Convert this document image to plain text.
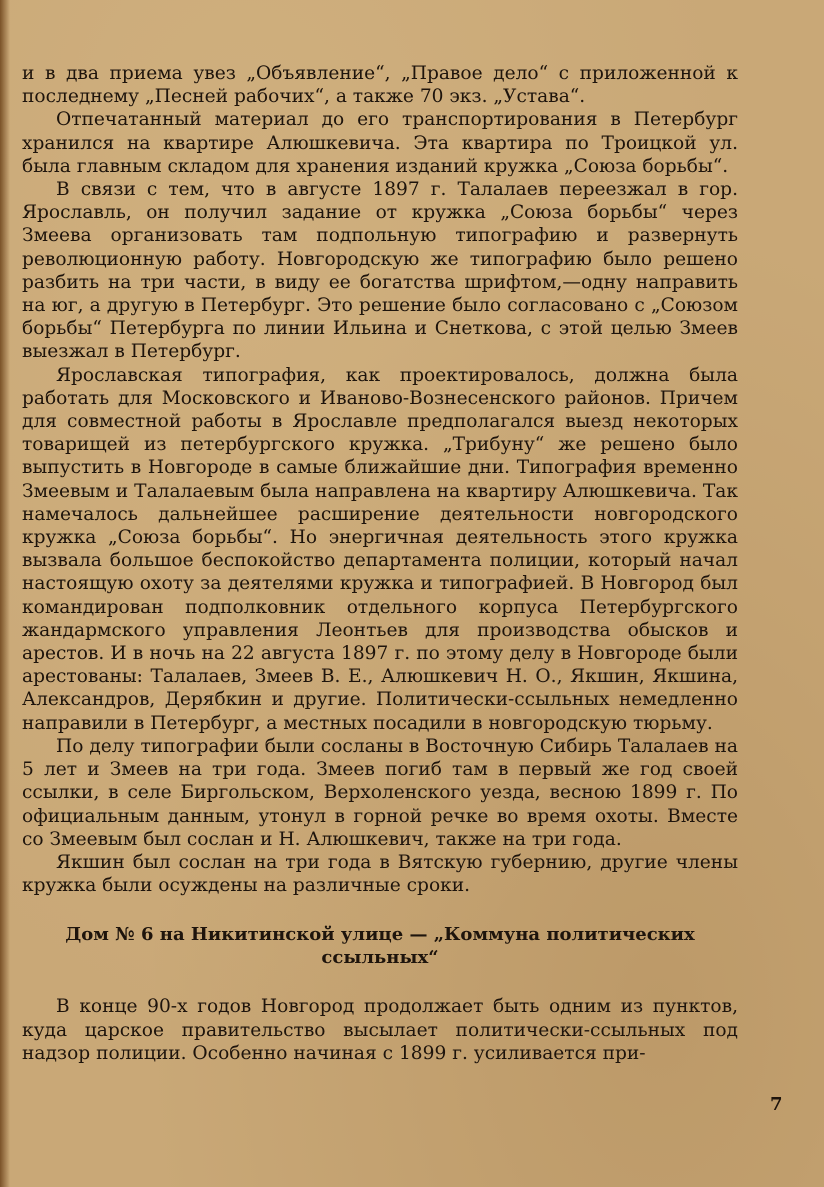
и в два приема увез „Объявление“, „Правое дело“ с приложенной к последнему „Песней рабочих“, а также 70 экз. „Устава“.

Отпечатанный материал до его транспортирования в Петербург хранился на квартире Алюшкевича. Эта квартира по Троицкой ул. была главным складом для хранения изданий кружка „Союза борьбы“.

В связи с тем, что в августе 1897 г. Талалаев переезжал в гор. Ярославль, он получил задание от кружка „Союза борьбы“ через Змеева организовать там подпольную типографию и развернуть революционную работу. Новгородскую же типографию было решено разбить на три части, в виду ее богатства шрифтом,—одну направить на юг, а другую в Петербург. Это решение было согласовано с „Союзом борьбы“ Петербурга по линии Ильина и Снеткова, с этой целью Змеев выезжал в Петербург.

Ярославская типография, как проектировалось, должна была работать для Московского и Иваново-Вознесенского районов. Причем для совместной работы в Ярославле предполагался выезд некоторых товарищей из петербургского кружка. „Трибуну“ же решено было выпустить в Новгороде в самые ближайшие дни. Типография временно Змеевым и Талалаевым была направлена на квартиру Алюшкевича. Так намечалось дальнейшее расширение деятельности новгородского кружка „Союза борьбы“. Но энергичная деятельность этого кружка вызвала большое беспокойство департамента полиции, который начал настоящую охоту за деятелями кружка и типографией. В Новгород был командирован подполковник отдельного корпуса Петербургского жандармского управления Леонтьев для производства обысков и арестов. И в ночь на 22 августа 1897 г. по этому делу в Новгороде были арестованы: Талалаев, Змеев В. Е., Алюшкевич Н. О., Якшин, Якшина, Александров, Дерябкин и другие. Политически-ссыльных немедленно направили в Петербург, а местных посадили в новгородскую тюрьму.

По делу типографии были сосланы в Восточную Сибирь Талалаев на 5 лет и Змеев на три года. Змеев погиб там в первый же год своей ссылки, в селе Биргольском, Верхоленского уезда, весною 1899 г. По официальным данным, утонул в горной речке во время охоты. Вместе со Змеевым был сослан и Н. Алюшкевич, также на три года.

Якшин был сослан на три года в Вятскую губернию, другие члены кружка были осуждены на различные сроки.

Дом № 6 на Никитинской улице — „Коммуна политических ссыльных“

В конце 90-х годов Новгород продолжает быть одним из пунктов, куда царское правительство высылает политически-ссыльных под надзор полиции. Особенно начиная с 1899 г. усиливается при-

7
